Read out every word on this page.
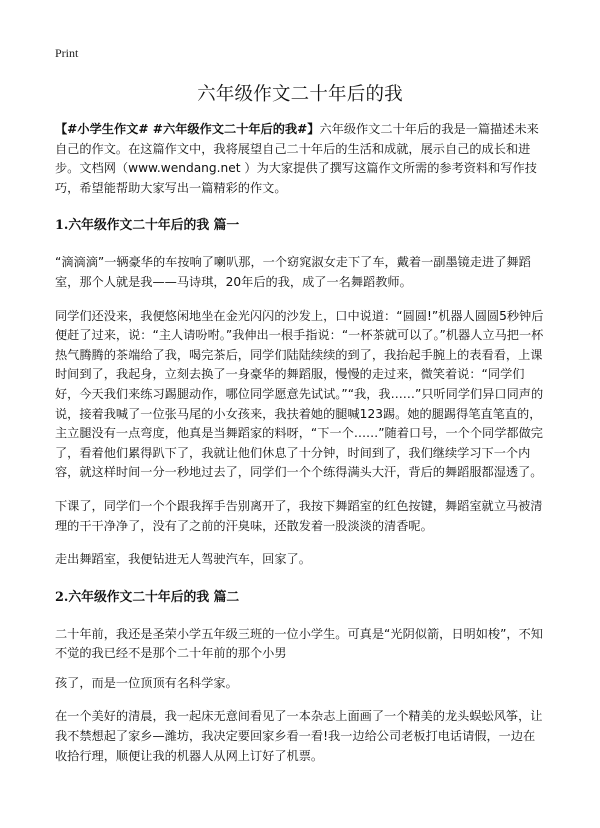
Print
六年级作文二十年后的我

【#小学生作文# #六年级作文二十年后的我#】六年级作文二十年后的我是一篇描述未来自己的作文。在这篇作文中，我将展望自己二十年后的生活和成就，展示自己的成长和进步。文档网（www.wendang.net ）为大家提供了撰写这篇作文所需的参考资料和写作技巧，希望能帮助大家写出一篇精彩的作文。

1.六年级作文二十年后的我 篇一

“滴滴滴”一辆豪华的车按响了喇叭那，一个窈窕淑女走下了车，戴着一副墨镜走进了舞蹈室，那个人就是我——马诗琪，20年后的我，成了一名舞蹈教师。

同学们还没来，我便悠闲地坐在金光闪闪的沙发上，口中说道：“圆圆!”机器人圆圆5秒钟后便赶了过来，说：“主人请吩咐。”我伸出一根手指说：“一杯茶就可以了。”机器人立马把一杯热气腾腾的茶端给了我，喝完茶后，同学们陆陆续续的到了，我抬起手腕上的表看看，上课时间到了，我起身，立刻去换了一身豪华的舞蹈服，慢慢的走过来，微笑着说：“同学们好，今天我们来练习踢腿动作，哪位同学愿意先试试。”“我，我……”只听同学们异口同声的说，接着我喊了一位张马尾的小女孩来，我扶着她的腿喊123踢。她的腿踢得笔直笔直的，主立腿没有一点弯度，他真是当舞蹈家的料呀，“下一个……”随着口号，一个个同学都做完了，看着他们累得趴下了，我就让他们休息了十分钟，时间到了，我们继续学习下一个内容，就这样时间一分一秒地过去了，同学们一个个练得满头大汗，背后的舞蹈服都湿透了。

下课了，同学们一个个跟我挥手告别离开了，我按下舞蹈室的红色按键，舞蹈室就立马被清理的干干净净了，没有了之前的汗臭味，还散发着一股淡淡的清香呢。

走出舞蹈室，我便钻进无人驾驶汽车，回家了。

2.六年级作文二十年后的我 篇二

二十年前，我还是圣荣小学五年级三班的一位小学生。可真是“光阴似箭，日明如梭”，不知不觉的我已经不是那个二十年前的那个小男

孩了，而是一位顶顶有名科学家。

在一个美好的清晨，我一起床无意间看见了一本杂志上面画了一个精美的龙头蜈蚣风筝，让我不禁想起了家乡—潍坊，我决定要回家乡看一看!我一边给公司老板打电话请假，一边在收拾行理，顺便让我的机器人从网上订好了机票。
